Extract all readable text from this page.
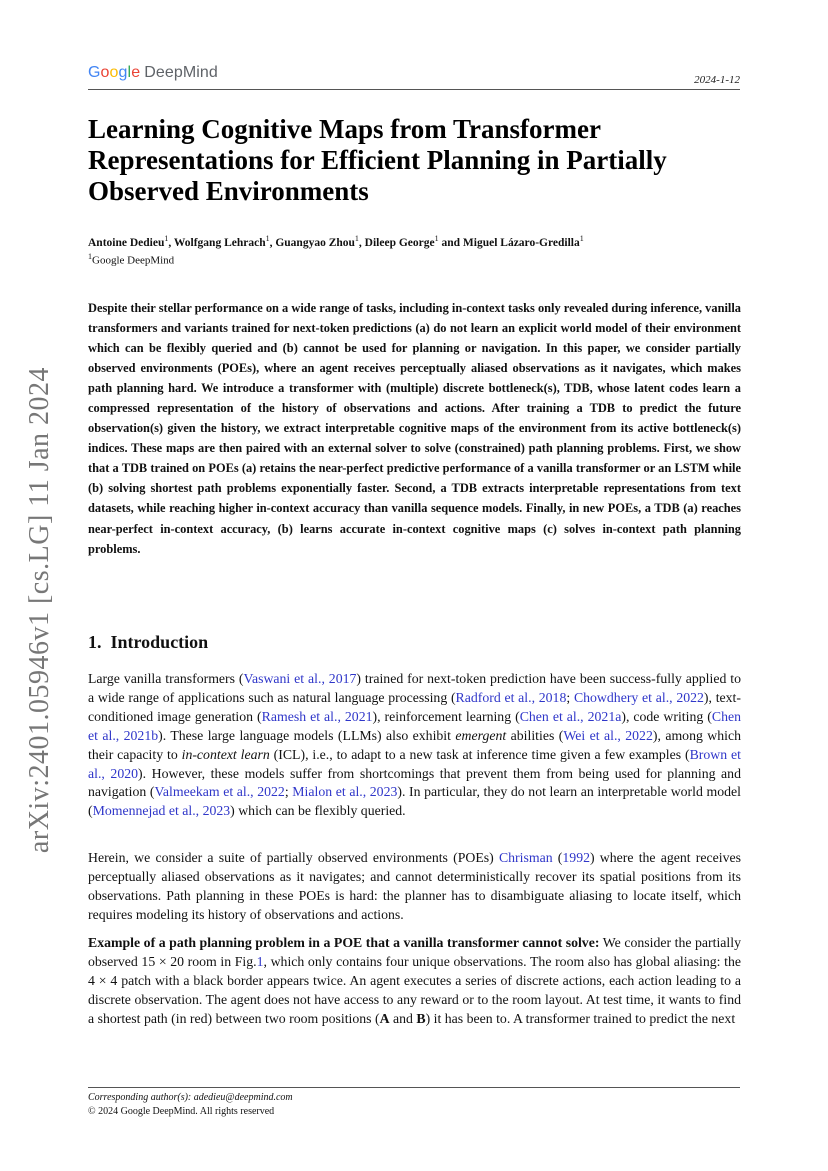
Google DeepMind	2024-1-12
arXiv:2401.05946v1 [cs.LG] 11 Jan 2024
Learning Cognitive Maps from Transformer Representations for Efficient Planning in Partially Observed Environments
Antoine Dedieu$^1$, Wolfgang Lehrach$^1$, Guangyao Zhou$^1$, Dileep George$^1$ and Miguel Lázaro-Gredilla$^1$
$^1$Google DeepMind

Despite their stellar performance on a wide range of tasks, including in-context tasks only revealed during inference, vanilla transformers and variants trained for next-token predictions (a) do not learn an explicit world model of their environment which can be flexibly queried and (b) cannot be used for planning or navigation. In this paper, we consider partially observed environments (POEs), where an agent receives perceptually aliased observations as it navigates, which makes path planning hard. We introduce a transformer with (multiple) discrete bottleneck(s), TDB, whose latent codes learn a compressed representation of the history of observations and actions. After training a TDB to predict the future observation(s) given the history, we extract interpretable cognitive maps of the environment from its active bottleneck(s) indices. These maps are then paired with an external solver to solve (constrained) path planning problems. First, we show that a TDB trained on POEs (a) retains the near-perfect predictive performance of a vanilla transformer or an LSTM while (b) solving shortest path problems exponentially faster. Second, a TDB extracts interpretable representations from text datasets, while reaching higher in-context accuracy than vanilla sequence models. Finally, in new POEs, a TDB (a) reaches near-perfect in-context accuracy, (b) learns accurate in-context cognitive maps (c) solves in-context path planning problems.

1. Introduction

Large vanilla transformers (Vaswani et al., 2017) trained for next-token prediction have been success-fully applied to a wide range of applications such as natural language processing (Radford et al., 2018; Chowdhery et al., 2022), text-conditioned image generation (Ramesh et al., 2021), reinforcement learning (Chen et al., 2021a), code writing (Chen et al., 2021b). These large language models (LLMs) also exhibit emergent abilities (Wei et al., 2022), among which their capacity to in-context learn (ICL), i.e., to adapt to a new task at inference time given a few examples (Brown et al., 2020). However, these models suffer from shortcomings that prevent them from being used for planning and navigation (Valmeekam et al., 2022; Mialon et al., 2023). In particular, they do not learn an interpretable world model (Momennejad et al., 2023) which can be flexibly queried.

Herein, we consider a suite of partially observed environments (POEs) Chrisman (1992) where the agent receives perceptually aliased observations as it navigates; and cannot deterministically recover its spatial positions from its observations. Path planning in these POEs is hard: the planner has to disambiguate aliasing to locate itself, which requires modeling its history of observations and actions.

Example of a path planning problem in a POE that a vanilla transformer cannot solve: We consider the partially observed 15 × 20 room in Fig.1, which only contains four unique observations. The room also has global aliasing: the 4 × 4 patch with a black border appears twice. An agent executes a series of discrete actions, each action leading to a discrete observation. The agent does not have access to any reward or to the room layout. At test time, it wants to find a shortest path (in red) between two room positions (A and B) it has been to. A transformer trained to predict the next

Corresponding author(s): adedieu@deepmind.com
© 2024 Google DeepMind. All rights reserved
